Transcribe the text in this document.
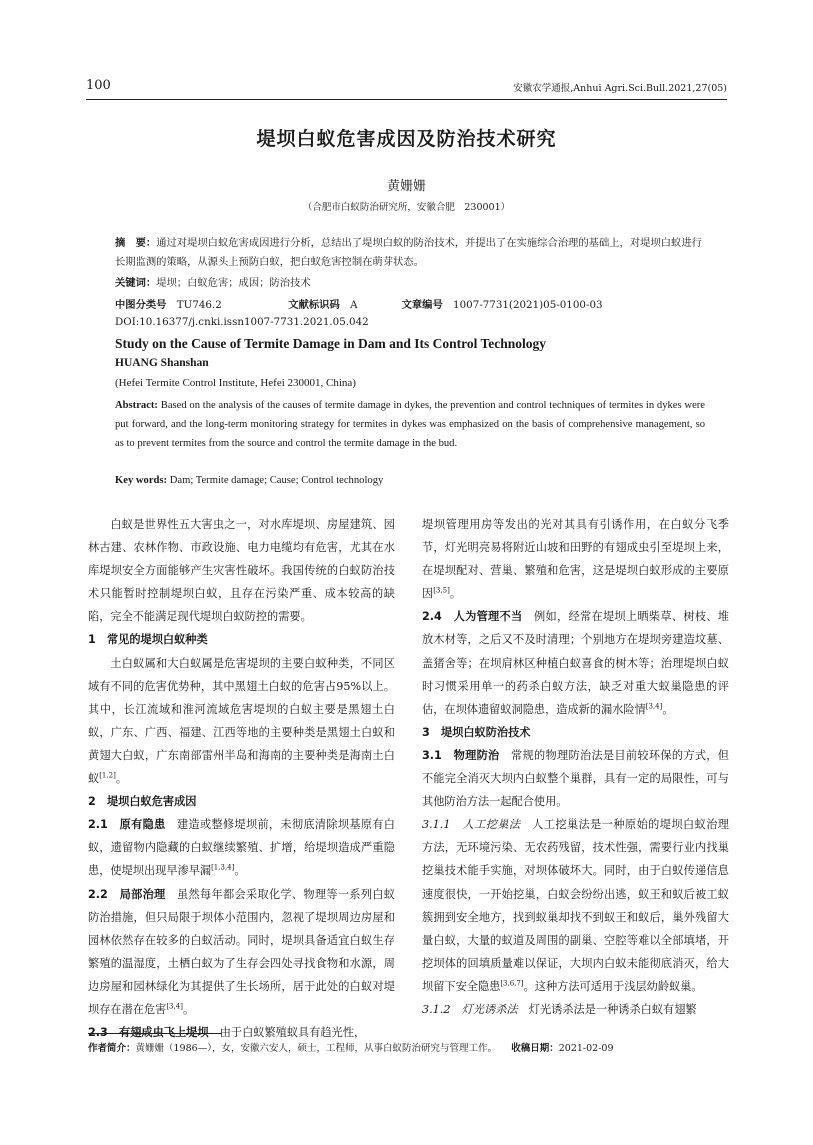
100	安徽农学通报,Anhui Agri.Sci.Bull.2021,27(05)
堤坝白蚁危害成因及防治技术研究
黄姗姗
（合肥市白蚁防治研究所，安徽合肥　230001）
摘　要：通过对堤坝白蚁危害成因进行分析，总结出了堤坝白蚁的防治技术，并提出了在实施综合治理的基础上，对堤坝白蚁进行长期监测的策略，从源头上预防白蚁，把白蚁危害控制在萌芽状态。
关键词：堤坝；白蚁危害；成因；防治技术
中图分类号　 TU746.2	文献标识码　 A	文章编号　 1007-7731(2021)05-0100-03
DOI:10.16377/j.cnki.issn1007-7731.2021.05.042
Study on the Cause of Termite Damage in Dam and Its Control Technology
HUANG Shanshan
(Hefei Termite Control Institute, Hefei 230001, China)
Abstract: Based on the analysis of the causes of termite damage in dykes, the prevention and control techniques of termites in dykes were put forward, and the long-term monitoring strategy for termites in dykes was emphasized on the basis of comprehensive management, so as to prevent termites from the source and control the termite damage in the bud.
Key words: Dam; Termite damage; Cause; Control technology

白蚁是世界性五大害虫之一，对水库堤坝、房屋建筑、园林古建、农林作物、市政设施、电力电缆均有危害，尤其在水库堤坝安全方面能够产生灾害性破坏。我国传统的白蚁防治技术只能暂时控制堤坝白蚁，且存在污染严重、成本较高的缺陷，完全不能满足现代堤坝白蚁防控的需要。

1　常见的堤坝白蚁种类

土白蚁属和大白蚁属是危害堤坝的主要白蚁种类，不同区域有不同的危害优势种，其中黑翅土白蚁的危害占95%以上。其中，长江流域和淮河流域危害堤坝的白蚁主要是黑翅土白蚁，广东、广西、福建、江西等地的主要种类是黑翅土白蚁和黄翅大白蚁，广东南部雷州半岛和海南的主要种类是海南土白蚁[1,2]。

2　堤坝白蚁危害成因

2.1　原有隐患　 建造或整修堤坝前，未彻底清除坝基原有白蚁，遗留物内隐藏的白蚁继续繁殖、扩增，给堤坝造成严重隐患，使堤坝出现早渗早漏[1,3,4]。

2.2　局部治理　 虽然每年都会采取化学、物理等一系列白蚁防治措施，但只局限于坝体小范围内，忽视了堤坝周边房屋和园林依然存在较多的白蚁活动。同时，堤坝具备适宜白蚁生存繁殖的温湿度，土栖白蚁为了生存会四处寻找食物和水源，周边房屋和园林绿化为其提供了生长场所，居于此处的白蚁对堤坝存在潜在危害[3,4]。

2.3　有翅成虫飞上堤坝　 由于白蚁繁殖蚁具有趋光性，

堤坝管理用房等发出的光对其具有引诱作用，在白蚁分飞季节，灯光明亮易将附近山坡和田野的有翅成虫引至堤坝上来，在堤坝配对、营巢、繁殖和危害，这是堤坝白蚁形成的主要原因[3,5]。

2.4　人为管理不当　 例如，经常在堤坝上晒柴草、树枝、堆放木材等，之后又不及时清理；个别地方在堤坝旁建造坟墓、盖猪舍等；在坝肩林区种植白蚁喜食的树木等；治理堤坝白蚁时习惯采用单一的药杀白蚁方法，缺乏对重大蚁巢隐患的评估，在坝体遗留蚁洞隐患，造成新的漏水险情[3,4]。

3　堤坝白蚁防治技术

3.1　物理防治　 常规的物理防治法是目前较环保的方式，但不能完全消灭大坝内白蚁整个巢群，具有一定的局限性，可与其他防治方法一起配合使用。

3.1.1　人工挖巢法　 人工挖巢法是一种原始的堤坝白蚁治理方法，无环境污染、无农药残留，技术性强，需要行业内找巢挖巢技术能手实施，对坝体破坏大。同时，由于白蚁传递信息速度很快，一开始挖巢，白蚁会纷纷出逃，蚁王和蚁后被工蚁簇拥到安全地方，找到蚁巢却找不到蚁王和蚁后，巢外残留大量白蚁，大量的蚁道及周围的副巢、空腔等难以全部填堵，开挖坝体的回填质量难以保证，大坝内白蚁未能彻底消灭，给大坝留下安全隐患[3,6,7]。这种方法可适用于浅层幼龄蚁巢。

3.1.2　灯光诱杀法　 灯光诱杀法是一种诱杀白蚁有翅繁

作者简介：黄姗姗（1986—），女，安徽六安人，硕士，工程师，从事白蚁防治研究与管理工作。　　 收稿日期：2021-02-09
